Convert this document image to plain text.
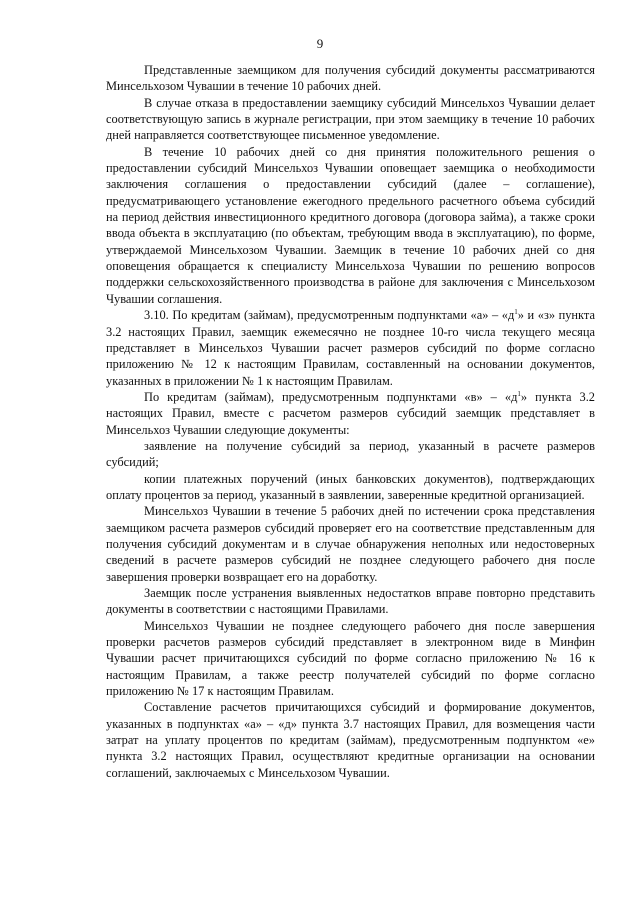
9

Представленные заемщиком для получения субсидий документы рассматриваются Минсельхозом Чувашии в течение 10 рабочих дней.

В случае отказа в предоставлении заемщику субсидий Минсельхоз Чувашии делает соответствующую запись в журнале регистрации, при этом заемщику в течение 10 рабочих дней направляется соответствующее письменное уведомление.

В течение 10 рабочих дней со дня принятия положительного решения о предоставлении субсидий Минсельхоз Чувашии оповещает заемщика о необходимости заключения соглашения о предоставлении субсидий (далее – соглашение), предусматривающего установление ежегодного предельного расчетного объема субсидий на период действия инвестиционного кредитного договора (договора займа), а также сроки ввода объекта в эксплуатацию (по объектам, требующим ввода в эксплуатацию), по форме, утверждаемой Минсельхозом Чувашии. Заемщик в течение 10 рабочих дней со дня оповещения обращается к специалисту Минсельхоза Чувашии по решению вопросов поддержки сельскохозяйственного производства в районе для заключения с Минсельхозом Чувашии соглашения.

3.10. По кредитам (займам), предусмотренным подпунктами «а» – «$д^1$» и «з» пункта 3.2 настоящих Правил, заемщик ежемесячно не позднее 10-го числа текущего месяца представляет в Минсельхоз Чувашии расчет размеров субсидий по форме согласно приложению № 12 к настоящим Правилам, составленный на основании документов, указанных в приложении № 1 к настоящим Правилам.

По кредитам (займам), предусмотренным подпунктами «в» – «$д^1$» пункта 3.2 настоящих Правил, вместе с расчетом размеров субсидий заемщик представляет в Минсельхоз Чувашии следующие документы:

заявление на получение субсидий за период, указанный в расчете размеров субсидий;

копии платежных поручений (иных банковских документов), подтверждающих оплату процентов за период, указанный в заявлении, заверенные кредитной организацией.

Минсельхоз Чувашии в течение 5 рабочих дней по истечении срока представления заемщиком расчета размеров субсидий проверяет его на соответствие представленным для получения субсидий документам и в случае обнаружения неполных или недостоверных сведений в расчете размеров субсидий не позднее следующего рабочего дня после завершения проверки возвращает его на доработку.

Заемщик после устранения выявленных недостатков вправе повторно представить документы в соответствии с настоящими Правилами.

Минсельхоз Чувашии не позднее следующего рабочего дня после завершения проверки расчетов размеров субсидий представляет в электронном виде в Минфин Чувашии расчет причитающихся субсидий по форме согласно приложению № 16 к настоящим Правилам, а также реестр получателей субсидий по форме согласно приложению № 17 к настоящим Правилам.

Составление расчетов причитающихся субсидий и формирование документов, указанных в подпунктах «а» – «д» пункта 3.7 настоящих Правил, для возмещения части затрат на уплату процентов по кредитам (займам), предусмотренным подпунктом «е» пункта 3.2 настоящих Правил, осуществляют кредитные организации на основании соглашений, заключаемых с Минсельхозом Чувашии.
